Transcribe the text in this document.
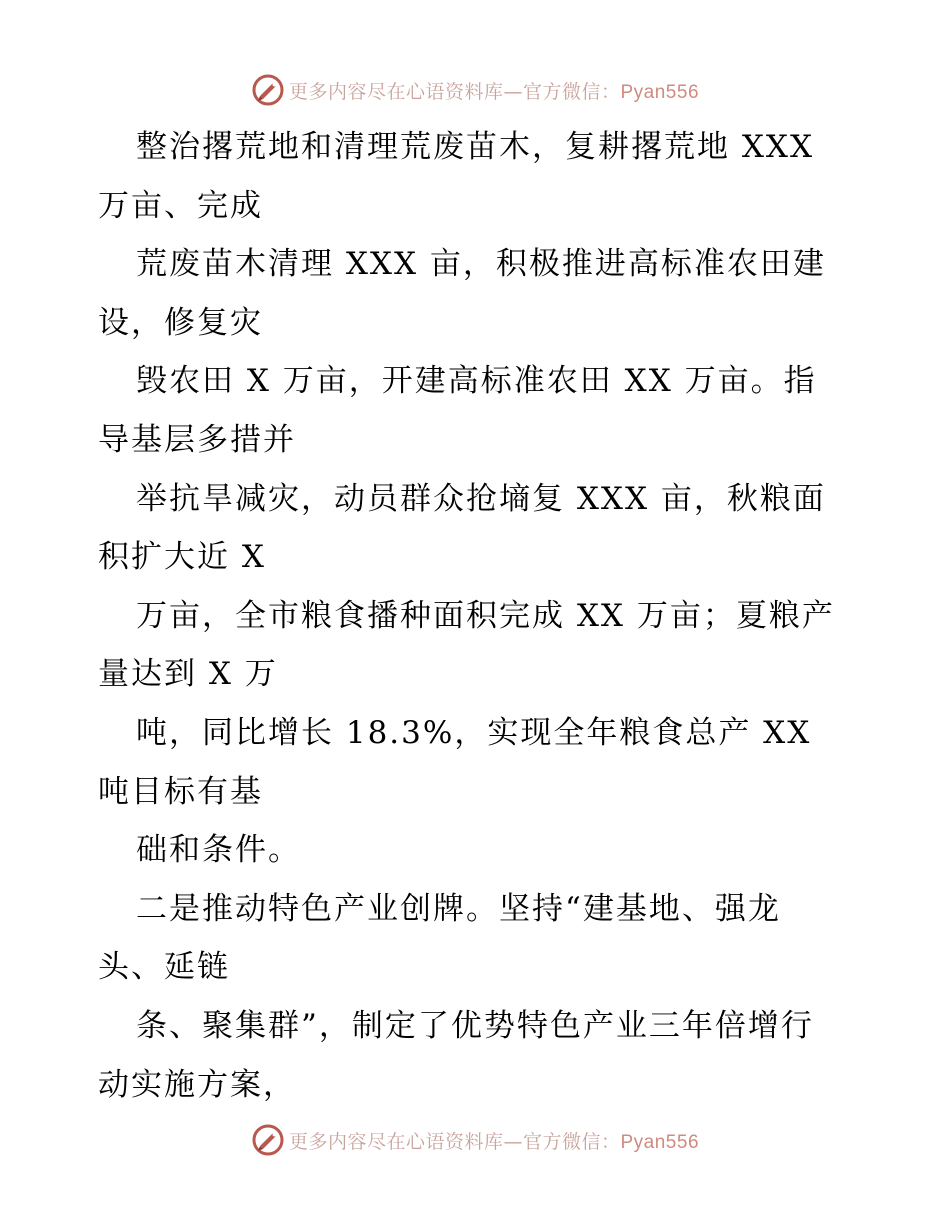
更多内容尽在心语资料库—官方微信：Pyan556
整治撂荒地和清理荒废苗木，复耕撂荒地 XXX
万亩、完成
荒废苗木清理 XXX 亩，积极推进高标准农田建
设，修复灾
毁农田 X 万亩，开建高标准农田 XX 万亩。指
导基层多措并
举抗旱减灾，动员群众抢墒复 XXX 亩，秋粮面
积扩大近 X
万亩，全市粮食播种面积完成 XX 万亩；夏粮产
量达到 X 万
吨，同比增长 18.3%，实现全年粮食总产 XX
吨目标有基
础和条件。
二是推动特色产业创牌。坚持“建基地、强龙
头、延链
条、聚集群”，制定了优势特色产业三年倍增行
动实施方案，
更多内容尽在心语资料库—官方微信：Pyan556
